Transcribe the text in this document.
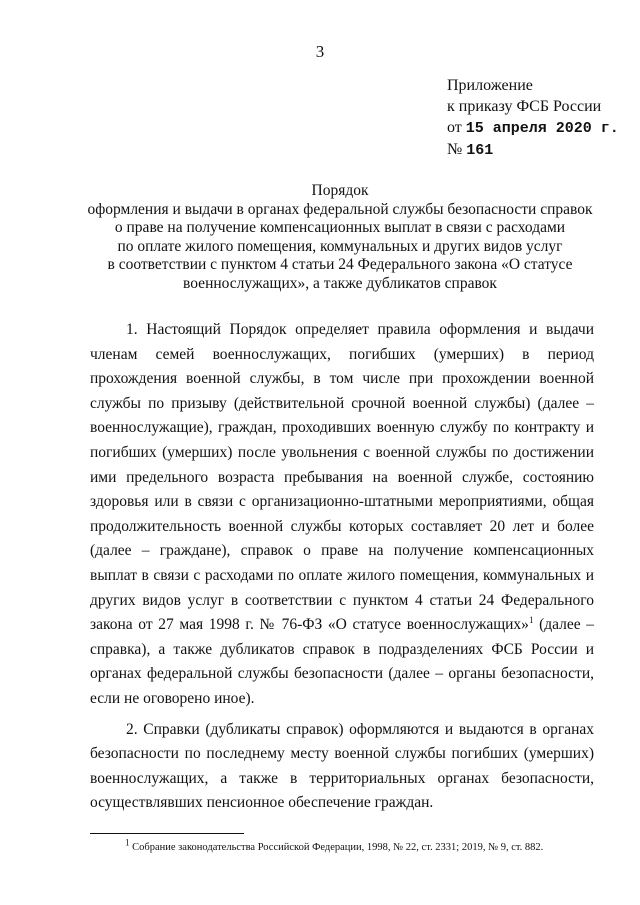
3
Приложение
к приказу ФСБ России
от 15 апреля 2020 г.
№ 161
Порядок
оформления и выдачи в органах федеральной службы безопасности справок
о праве на получение компенсационных выплат в связи с расходами
по оплате жилого помещения, коммунальных и других видов услуг
в соответствии с пунктом 4 статьи 24 Федерального закона «О статусе
военнослужащих», а также дубликатов справок

1. Настоящий Порядок определяет правила оформления и выдачи членам семей военнослужащих, погибших (умерших) в период прохождения военной службы, в том числе при прохождении военной службы по призыву (действительной срочной военной службы) (далее – военнослужащие), граждан, проходивших военную службу по контракту и погибших (умерших) после увольнения с военной службы по достижении ими предельного возраста пребывания на военной службе, состоянию здоровья или в связи с организационно-штатными мероприятиями, общая продолжительность военной службы которых составляет 20 лет и более (далее – граждане), справок о праве на получение компенсационных выплат в связи с расходами по оплате жилого помещения, коммунальных и других видов услуг в соответствии с пунктом 4 статьи 24 Федерального закона от 27 мая 1998 г. № 76-ФЗ «О статусе военнослужащих»$^1$ (далее – справка), а также дубликатов справок в подразделениях ФСБ России и органах федеральной службы безопасности (далее – органы безопасности, если не оговорено иное).

2. Справки (дубликаты справок) оформляются и выдаются в органах безопасности по последнему месту военной службы погибших (умерших) военнослужащих, а также в территориальных органах безопасности, осуществлявших пенсионное обеспечение граждан.

$^1$ Собрание законодательства Российской Федерации, 1998, № 22, ст. 2331; 2019, № 9, ст. 882.
